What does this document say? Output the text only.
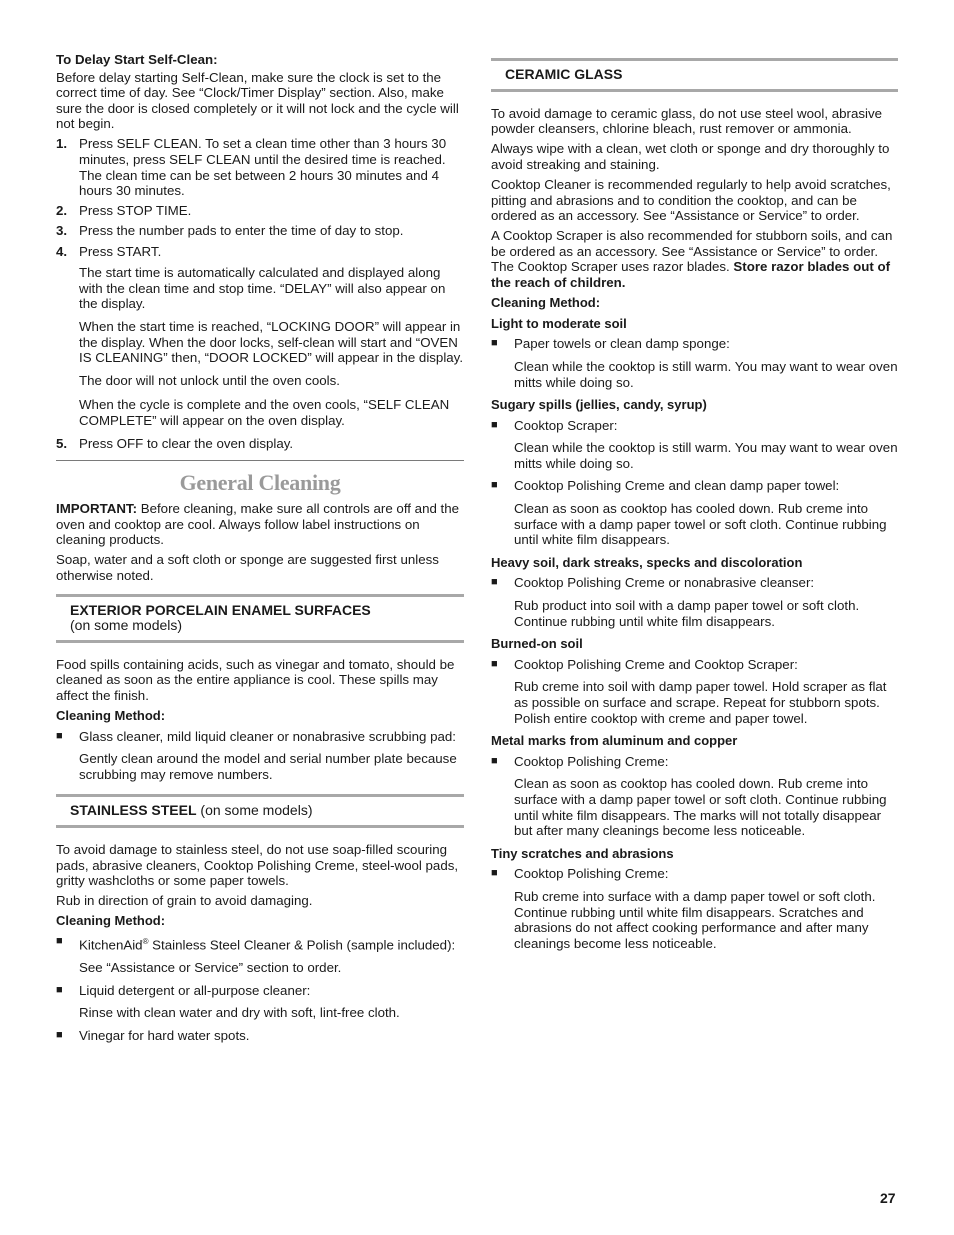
To Delay Start Self-Clean:

Before delay starting Self-Clean, make sure the clock is set to the correct time of day. See “Clock/Timer Display” section. Also, make sure the door is closed completely or it will not lock and the cycle will not begin.

1. Press SELF CLEAN. To set a clean time other than 3 hours 30 minutes, press SELF CLEAN until the desired time is reached. The clean time can be set between 2 hours 30 minutes and 4 hours 30 minutes.
2. Press STOP TIME.
3. Press the number pads to enter the time of day to stop.
4. Press START.

The start time is automatically calculated and displayed along with the clean time and stop time. “DELAY” will also appear on the display.

When the start time is reached, “LOCKING DOOR” will appear in the display. When the door locks, self-clean will start and “OVEN IS CLEANING” then, “DOOR LOCKED” will appear in the display.

The door will not unlock until the oven cools.

When the cycle is complete and the oven cools, “SELF CLEAN COMPLETE” will appear on the oven display.

5. Press OFF to clear the oven display.
General Cleaning

IMPORTANT: Before cleaning, make sure all controls are off and the oven and cooktop are cool. Always follow label instructions on cleaning products.

Soap, water and a soft cloth or sponge are suggested first unless otherwise noted.

EXTERIOR PORCELAIN ENAMEL SURFACES
(on some models)

Food spills containing acids, such as vinegar and tomato, should be cleaned as soon as the entire appliance is cool. These spills may affect the finish.

Cleaning Method:
■	Glass cleaner, mild liquid cleaner or nonabrasive scrubbing pad:

Gently clean around the model and serial number plate because scrubbing may remove numbers.

STAINLESS STEEL (on some models)

To avoid damage to stainless steel, do not use soap-filled scouring pads, abrasive cleaners, Cooktop Polishing Creme, steel-wool pads, gritty washcloths or some paper towels.

Rub in direction of grain to avoid damaging.

Cleaning Method:
■	KitchenAid® Stainless Steel Cleaner & Polish (sample included):

See “Assistance or Service” section to order.

■	Liquid detergent or all-purpose cleaner:

Rinse with clean water and dry with soft, lint-free cloth.

■	Vinegar for hard water spots.
CERAMIC GLASS

To avoid damage to ceramic glass, do not use steel wool, abrasive powder cleansers, chlorine bleach, rust remover or ammonia.

Always wipe with a clean, wet cloth or sponge and dry thoroughly to avoid streaking and staining.

Cooktop Cleaner is recommended regularly to help avoid scratches, pitting and abrasions and to condition the cooktop, and can be ordered as an accessory. See “Assistance or Service” to order.

A Cooktop Scraper is also recommended for stubborn soils, and can be ordered as an accessory. See “Assistance or Service” to order. The Cooktop Scraper uses razor blades. Store razor blades out of the reach of children.

Cleaning Method:
Light to moderate soil
■	Paper towels or clean damp sponge:

Clean while the cooktop is still warm. You may want to wear oven mitts while doing so.

Sugary spills (jellies, candy, syrup)
■	Cooktop Scraper:

Clean while the cooktop is still warm. You may want to wear oven mitts while doing so.

■	Cooktop Polishing Creme and clean damp paper towel:

Clean as soon as cooktop has cooled down. Rub creme into surface with a damp paper towel or soft cloth. Continue rubbing until white film disappears.

Heavy soil, dark streaks, specks and discoloration
■	Cooktop Polishing Creme or nonabrasive cleanser:

Rub product into soil with a damp paper towel or soft cloth. Continue rubbing until white film disappears.

Burned-on soil
■	Cooktop Polishing Creme and Cooktop Scraper:

Rub creme into soil with damp paper towel. Hold scraper as flat as possible on surface and scrape. Repeat for stubborn spots. Polish entire cooktop with creme and paper towel.

Metal marks from aluminum and copper
■	Cooktop Polishing Creme:

Clean as soon as cooktop has cooled down. Rub creme into surface with a damp paper towel or soft cloth. Continue rubbing until white film disappears. The marks will not totally disappear but after many cleanings become less noticeable.

Tiny scratches and abrasions
■	Cooktop Polishing Creme:

Rub creme into surface with a damp paper towel or soft cloth. Continue rubbing until white film disappears. Scratches and abrasions do not affect cooking performance and after many cleanings become less noticeable.

27
